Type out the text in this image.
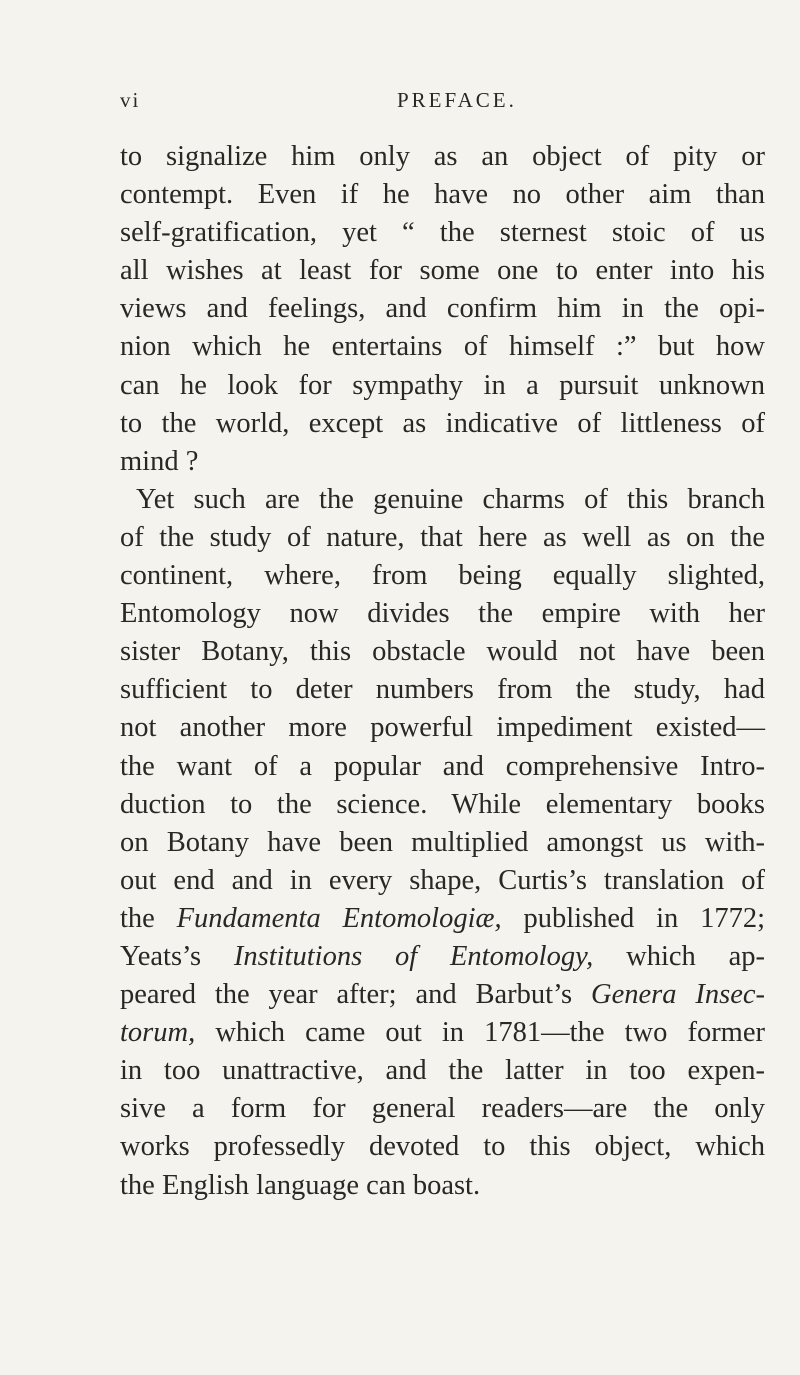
vi	PREFACE.
to signalize him only as an object of pity or
contempt. Even if he have no other aim than
self-gratification, yet “ the sternest stoic of us
all wishes at least for some one to enter into his
views and feelings, and confirm him in the opi-
nion which he entertains of himself :” but how
can he look for sympathy in a pursuit unknown
to the world, except as indicative of littleness of
mind ?
Yet such are the genuine charms of this branch
of the study of nature, that here as well as on the
continent, where, from being equally slighted,
Entomology now divides the empire with her
sister Botany, this obstacle would not have been
sufficient to deter numbers from the study, had
not another more powerful impediment existed—
the want of a popular and comprehensive Intro-
duction to the science. While elementary books
on Botany have been multiplied amongst us with-
out end and in every shape, Curtis’s translation of
the Fundamenta Entomologiæ, published in 1772;
Yeats’s Institutions of Entomology, which ap-
peared the year after; and Barbut’s Genera Insec-
torum, which came out in 1781—the two former
in too unattractive, and the latter in too expen-
sive a form for general readers—are the only
works professedly devoted to this object, which
the English language can boast.
